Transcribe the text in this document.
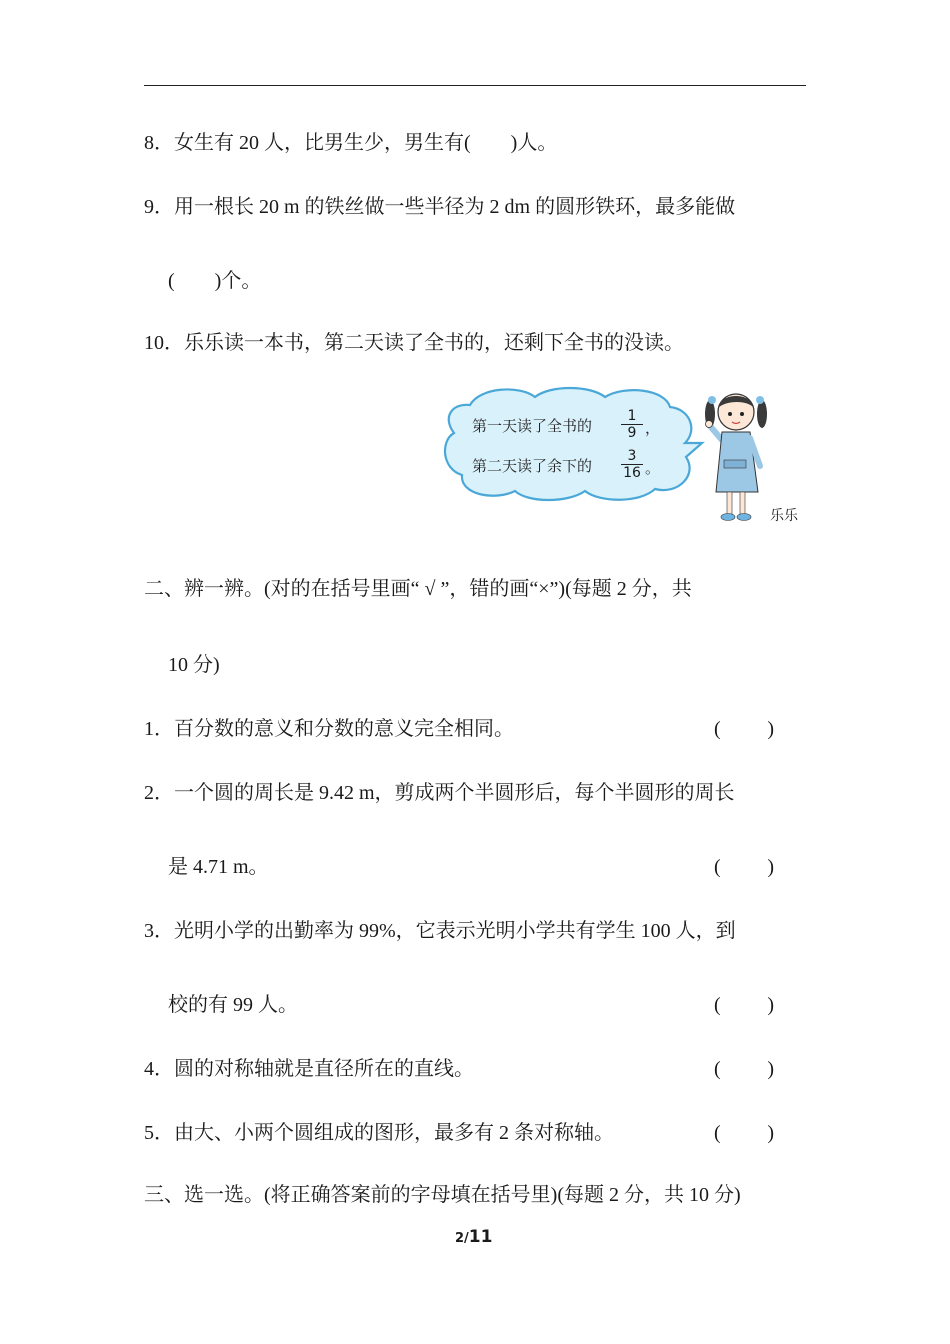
8．女生有 20 人，比男生少，男生有(　　)人。
9．用一根长 20 m 的铁丝做一些半径为 2 dm 的圆形铁环，最多能做
(　　)个。
10．乐乐读一本书，第二天读了全书的，还剩下全书的没读。
第一天读了全书的 $\frac{1}{9}$ ，
第二天读了余下的 $\frac{3}{16}$ 。
乐乐
二、辨一辨。(对的在括号里画“ √ ”，错的画“×”)(每题 2 分，共
10 分)
1．百分数的意义和分数的意义完全相同。	( )
2．一个圆的周长是 9.42 m，剪成两个半圆形后，每个半圆形的周长
是 4.71 m。	( )
3．光明小学的出勤率为 99%，它表示光明小学共有学生 100 人，到
校的有 99 人。	( )
4．圆的对称轴就是直径所在的直线。	( )
5．由大、小两个圆组成的图形，最多有 2 条对称轴。	( )
三、选一选。(将正确答案前的字母填在括号里)(每题 2 分，共 10 分)
2/11
